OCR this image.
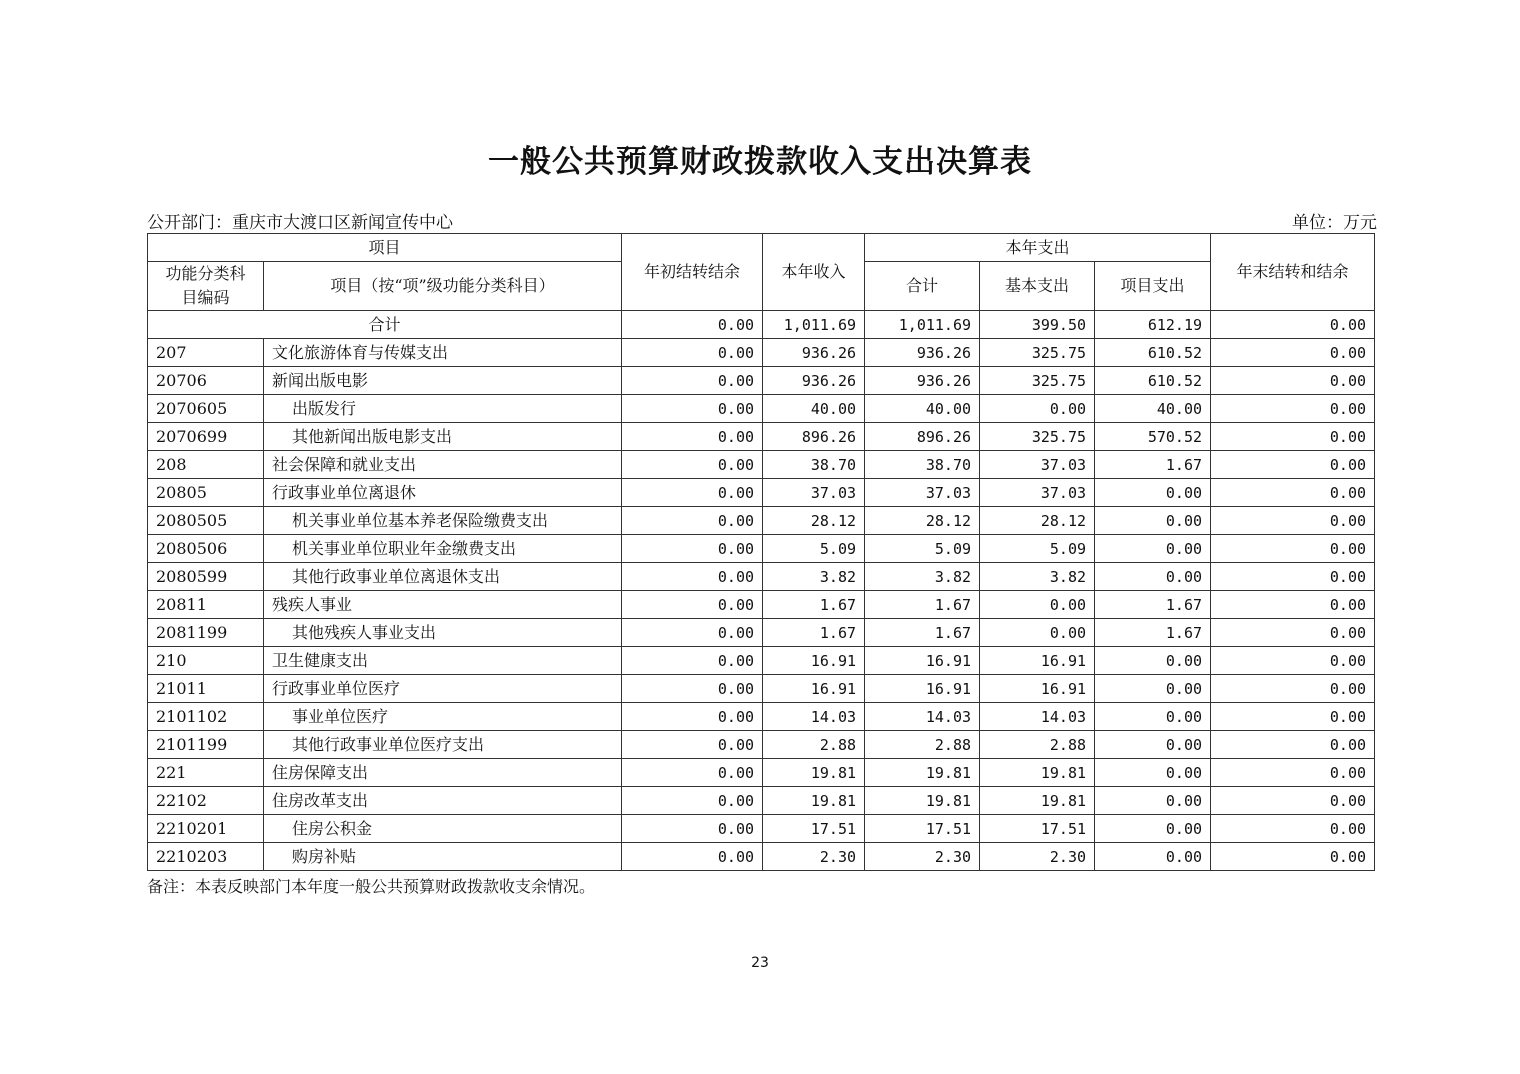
一般公共预算财政拨款收入支出决算表
公开部门：重庆市大渡口区新闻宣传中心	单位：万元
项目		年初结转结余	本年收入	本年支出			年末结转和结余
功能分类科目编码	项目（按“项”级功能分类科目）			合计	基本支出	项目支出	
合计		0.00	1,011.69	1,011.69	399.50	612.19	0.00
207	文化旅游体育与传媒支出	0.00	936.26	936.26	325.75	610.52	0.00
20706	新闻出版电影	0.00	936.26	936.26	325.75	610.52	0.00
2070605	出版发行	0.00	40.00	40.00	0.00	40.00	0.00
2070699	其他新闻出版电影支出	0.00	896.26	896.26	325.75	570.52	0.00
208	社会保障和就业支出	0.00	38.70	38.70	37.03	1.67	0.00
20805	行政事业单位离退休	0.00	37.03	37.03	37.03	0.00	0.00
2080505	机关事业单位基本养老保险缴费支出	0.00	28.12	28.12	28.12	0.00	0.00
2080506	机关事业单位职业年金缴费支出	0.00	5.09	5.09	5.09	0.00	0.00
2080599	其他行政事业单位离退休支出	0.00	3.82	3.82	3.82	0.00	0.00
20811	残疾人事业	0.00	1.67	1.67	0.00	1.67	0.00
2081199	其他残疾人事业支出	0.00	1.67	1.67	0.00	1.67	0.00
210	卫生健康支出	0.00	16.91	16.91	16.91	0.00	0.00
21011	行政事业单位医疗	0.00	16.91	16.91	16.91	0.00	0.00
2101102	事业单位医疗	0.00	14.03	14.03	14.03	0.00	0.00
2101199	其他行政事业单位医疗支出	0.00	2.88	2.88	2.88	0.00	0.00
221	住房保障支出	0.00	19.81	19.81	19.81	0.00	0.00
22102	住房改革支出	0.00	19.81	19.81	19.81	0.00	0.00
2210201	住房公积金	0.00	17.51	17.51	17.51	0.00	0.00
2210203	购房补贴	0.00	2.30	2.30	2.30	0.00	0.00
备注：本表反映部门本年度一般公共预算财政拨款收支余情况。
23
